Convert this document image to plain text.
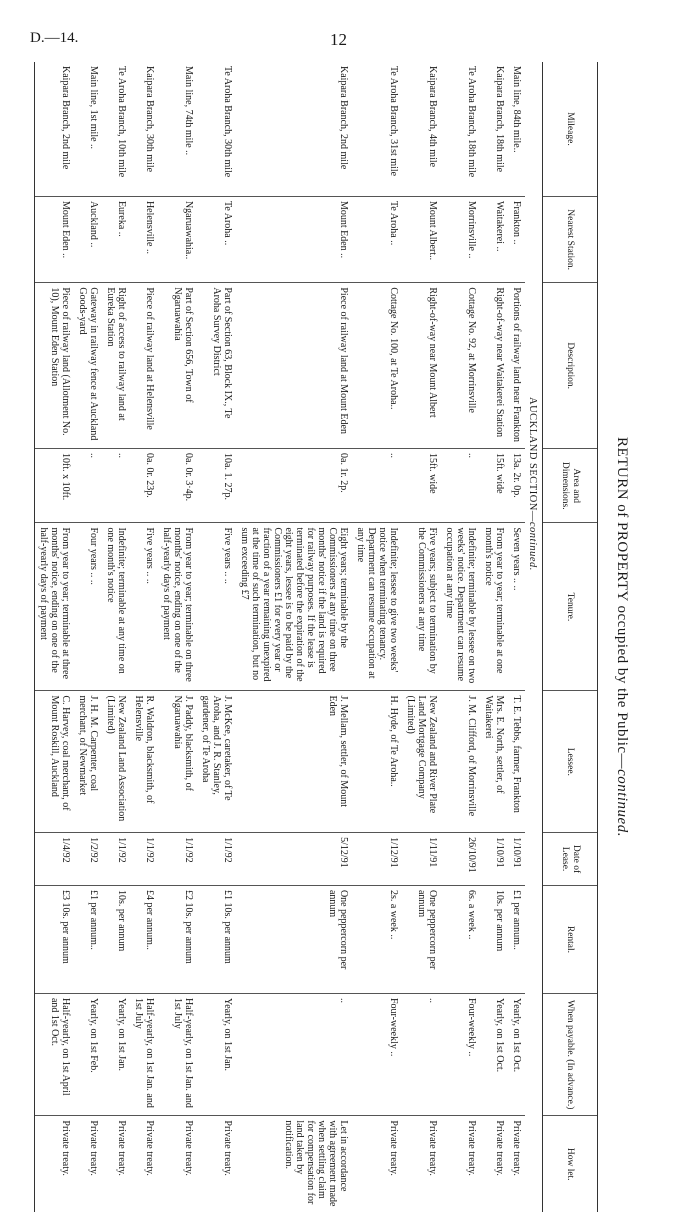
D.—14.	12
RETURN of PROPERTY occupied by the Public—continued.
Mileage.	Nearest Station.	Description.	Area and Dimensions.	Tenure.	Lessee.	Date of Lease.	Rental.	When payable. (In advance.)	How let.
AUCKLAND SECTION—continued.									
Main line, 84th mile..	Frankton ..	Portions of railway land near Frankton	13a. 2r. 0p.	Seven years .. ..	T. E. Tebbs, farmer, Frankton	1/10/91	£1 per annum..	Yearly, on 1st Oct.	Private treaty.
Kaipara Branch, 18th mile	Waitakerei ..	Right-of-way near Waitakerei Station	15ft. wide	From year to year; terminable at one month's notice	Mrs. E. North, settler, of Waitakerei	1/10/91	10s. per annum	Yearly, on 1st Oct.	Private treaty.
Te Aroha Branch, 18th mile	Morrinsville ..	Cottage No. 92, at Morrinsville	..	Indefinite; terminable by lessee on two weeks' notice. Department can resume occupation at any time	J. M. Clifford, of Morrinsville	26/10/91	6s. a week ..	Four-weekly ..	Private treaty.
Kaipara Branch, 4th mile	Mount Albert..	Right-of-way near Mount Albert	15ft. wide	Five years; subject to termination by the Commissioners at any time	New Zealand and River Plate Land Mortgage Company (Limited)	1/11/91	One peppercorn per annum	..	Private treaty.
Te Aroha Branch, 31st mile	Te Aroha ..	Cottage No. 100, at Te Aroha..	..	Indefinite; lessee to give two weeks' notice when terminating tenancy. Department can resume occupation at any time	H. Hyde, of Te Aroha..	1/12/91	2s. a week ..	Four-weekly ..	Private treaty.
Kaipara Branch, 2nd mile	Mount Eden ..	Piece of railway land at Mount Eden	0a. 1r. 2p.	Eight years; terminable by the Commissioners at any time on three months' notice if the land is required for railway purposes. If the lease is terminated before the expiration of the eight years, lessee is to be paid by the Commissioners £1 for every year or fraction of a year remaining unexpired at the time of such termination, but no sum exceeding £7	J. Mellam, settler, of Mount Eden	5/12/91	One peppercorn per annum	..	Let in accordance with agreement made when settling claim for compensation for land taken by notification.
Te Aroha Branch, 30th mile	Te Aroha ..	Part of Section 63, Block IX., Te Aroha Survey District	10a. 1. 27p.	Five years .. ..	J. McKee, caretaker, of Te Aroha, and J. R. Stanley, gardener, of Te Aroha	1/1/92	£1 10s. per annum	Yearly, on 1st Jan.	Private treaty.
Main line, 74th mile ..	Ngaruawahia..	Part of Section 656, Town of Ngaruawahia	0a. 0r. 3·4p.	From year to year; terminable on three months' notice, ending on one of the half-yearly days of payment	J. Paddy, blacksmith, of Ngaruawahia	1/1/92	£2 10s. per annum	Half-yearly, on 1st Jan. and 1st July	Private treaty.
Kaipara Branch, 30th mile	Helensville ..	Piece of railway land at Helensville	0a. 0r. 23p.	Five years .. ..	R. Waldron, blacksmith, of Helensville	1/1/92	£4 per annum..	Half-yearly, on 1st Jan. and 1st July	Private treaty.
Te Aroha Branch, 10th mile	Eureka ..	Right of access to railway land at Eureka Station	..	Indefinite; terminable at any time on one month's notice	New Zealand Land Association (Limited)	1/1/92	10s. per annum	Yearly, on 1st Jan.	Private treaty.
Main line, 1st mile ..	Auckland ..	Gateway in railway fence at Auckland Goods-yard	..	Four years .. ..	J. H. M. Carpenter, coal merchant, of Newmarket	1/2/92	£1 per annum..	Yearly, on 1st Feb.	Private treaty.
Kaipara Branch, 2nd mile	Mount Eden ..	Piece of railway land (Allotment No. 10), Mount Eden Station	10ft. x 10ft.	From year to year; terminable at three months' notice, ending on one of the half-yearly days of payment	C. Harvey, coal merchant, of Mount Roskill, Auckland	1/4/92	£3 10s. per annum	Half-yearly, on 1st April and 1st Oct.	Private treaty.
